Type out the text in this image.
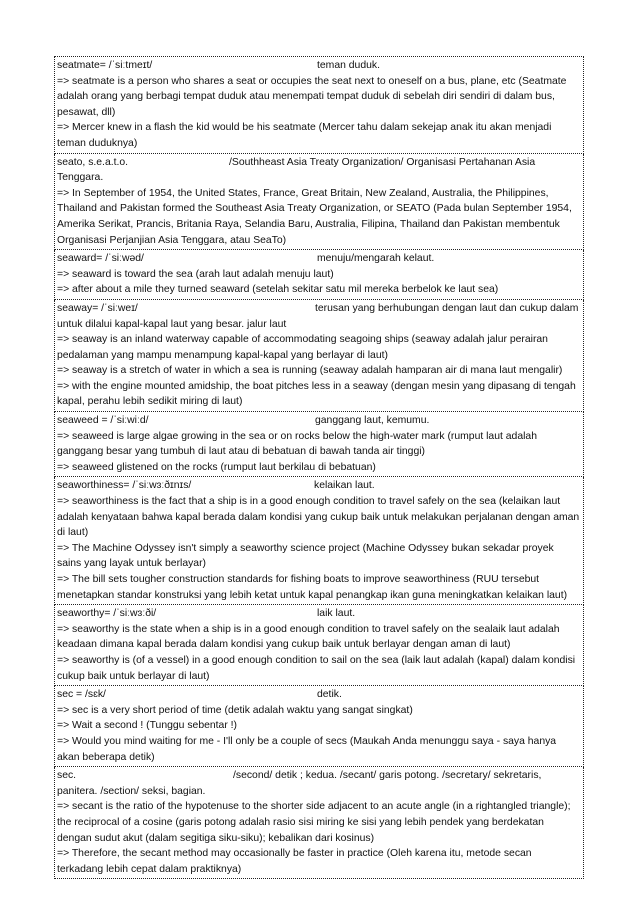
seatmate= /ˈsiːtmeɪt/	teman duduk.
=> seatmate is a person who shares a seat or occupies the seat next to oneself on a bus, plane, etc (Seatmate adalah orang yang berbagi tempat duduk atau menempati tempat duduk di sebelah diri sendiri di dalam bus, pesawat, dll)
=> Mercer knew in a flash the kid would be his seatmate (Mercer tahu dalam sekejap anak itu akan menjadi teman duduknya)
seato, s.e.a.t.o.	/Southheast Asia Treaty Organization/ Organisasi Pertahanan Asia Tenggara.
=> In September of 1954, the United States, France, Great Britain, New Zealand, Australia, the Philippines, Thailand and Pakistan formed the Southeast Asia Treaty Organization, or SEATO (Pada bulan September 1954, Amerika Serikat, Prancis, Britania Raya, Selandia Baru, Australia, Filipina, Thailand dan Pakistan membentuk Organisasi Perjanjian Asia Tenggara, atau SeaTo)
seaward= /ˈsiːwəd/	menuju/mengarah kelaut.
=> seaward is toward the sea (arah laut adalah menuju laut)
=> after about a mile they turned seaward (setelah sekitar satu mil mereka berbelok ke laut sea)
seaway= /ˈsiːweɪ/	terusan yang berhubungan dengan laut dan cukup dalam untuk dilalui kapal-kapal laut yang besar. jalur laut
=> seaway is an inland waterway capable of accommodating seagoing ships (seaway adalah jalur perairan pedalaman yang mampu menampung kapal-kapal yang berlayar di laut)
=> seaway is a stretch of water in which a sea is running (seaway adalah hamparan air di mana laut mengalir)
=> with the engine mounted amidship, the boat pitches less in a seaway (dengan mesin yang dipasang di tengah kapal, perahu lebih sedikit miring di laut)
seaweed = /ˈsiːwiːd/	ganggang laut, kemumu.
=> seaweed is large algae growing in the sea or on rocks below the high-water mark (rumput laut adalah ganggang besar yang tumbuh di laut atau di bebatuan di bawah tanda air tinggi)
=> seaweed glistened on the rocks (rumput laut berkilau di bebatuan)
seaworthiness= /ˈsiːwɜːðɪnɪs/	kelaikan laut.
=> seaworthiness is the fact that a ship is in a good enough condition to travel safely on the sea (kelaikan laut adalah kenyataan bahwa kapal berada dalam kondisi yang cukup baik untuk melakukan perjalanan dengan aman di laut)
=> The Machine Odyssey isn't simply a seaworthy science project (Machine Odyssey bukan sekadar proyek sains yang layak untuk berlayar)
=> The bill sets tougher construction standards for fishing boats to improve seaworthiness (RUU tersebut menetapkan standar konstruksi yang lebih ketat untuk kapal penangkap ikan guna meningkatkan kelaikan laut)
seaworthy= /ˈsiːwɜːði/	laik laut.
=> seaworthy is the state when a ship is in a good enough condition to travel safely on the sealaik laut adalah keadaan dimana kapal berada dalam kondisi yang cukup baik untuk berlayar dengan aman di laut)
=> seaworthy is (of a vessel) in a good enough condition to sail on the sea (laik laut adalah (kapal) dalam kondisi cukup baik untuk berlayar di laut)
sec = /sɛk/	detik.
=> sec is a very short period of time (detik adalah waktu yang sangat singkat)
=> Wait a second ! (Tunggu sebentar !)
=> Would you mind waiting for me - I'll only be a couple of secs (Maukah Anda menunggu saya - saya hanya akan beberapa detik)
sec.	/second/ detik ; kedua. /secant/ garis potong. /secretary/ sekretaris, panitera. /section/ seksi, bagian.
=> secant is the ratio of the hypotenuse to the shorter side adjacent to an acute angle (in a rightangled triangle); the reciprocal of a cosine (garis potong adalah rasio sisi miring ke sisi yang lebih pendek yang berdekatan dengan sudut akut (dalam segitiga siku-siku); kebalikan dari kosinus)
=> Therefore, the secant method may occasionally be faster in practice (Oleh karena itu, metode secan terkadang lebih cepat dalam praktiknya)
